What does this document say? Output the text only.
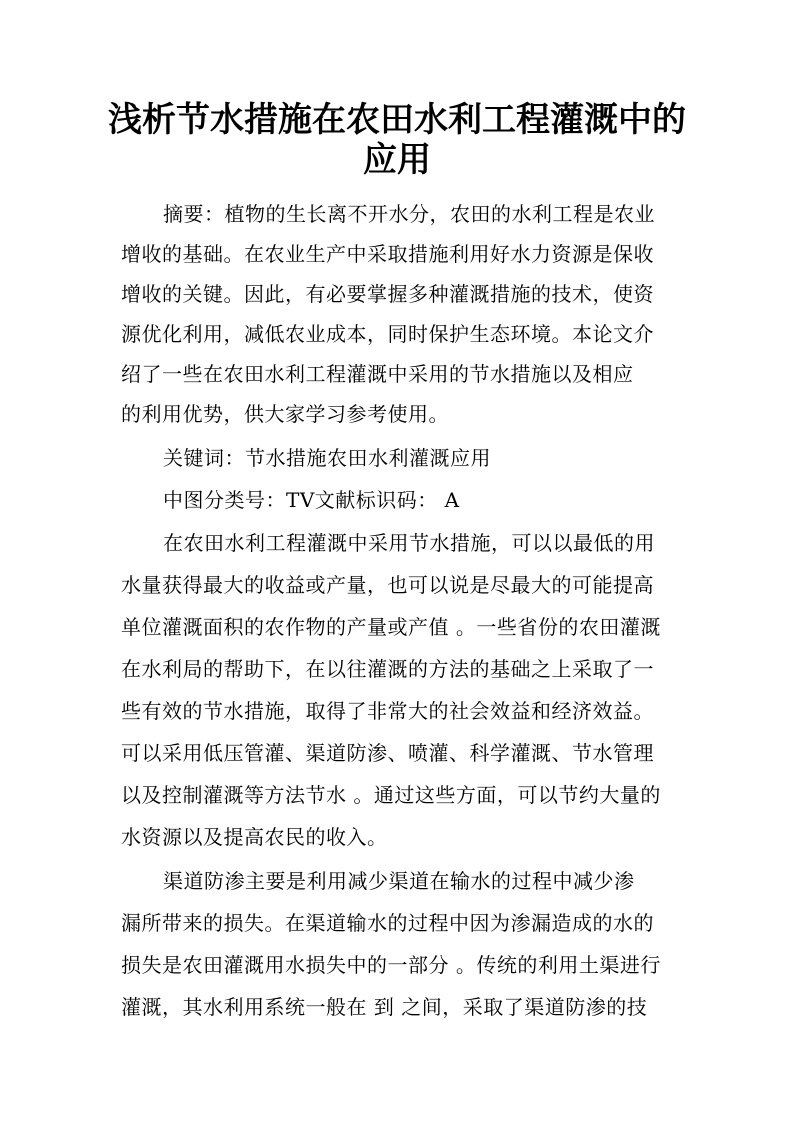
浅析节水措施在农田水利工程灌溉中的
应用
摘要：植物的生长离不开水分，农田的水利工程是农业
增收的基础。在农业生产中采取措施利用好水力资源是保收
增收的关键。因此，有必要掌握多种灌溉措施的技术，使资
源优化利用，减低农业成本，同时保护生态环境。本论文介
绍了一些在农田水利工程灌溉中采用的节水措施以及相应
的利用优势，供大家学习参考使用。
关键词：节水措施农田水利灌溉应用
中图分类号：TV文献标识码： A
在农田水利工程灌溉中采用节水措施，可以以最低的用
水量获得最大的收益或产量，也可以说是尽最大的可能提高
单位灌溉面积的农作物的产量或产值 。一些省份的农田灌溉
在水利局的帮助下，在以往灌溉的方法的基础之上采取了一
些有效的节水措施，取得了非常大的社会效益和经济效益。
可以采用低压管灌、渠道防渗、喷灌、科学灌溉、节水管理
以及控制灌溉等方法节水 。通过这些方面，可以节约大量的
水资源以及提高农民的收入。
渠道防渗主要是利用减少渠道在输水的过程中减少渗
漏所带来的损失。在渠道输水的过程中因为渗漏造成的水的
损失是农田灌溉用水损失中的一部分 。传统的利用土渠进行
灌溉，其水利用系统一般在 到 之间，采取了渠道防渗的技
